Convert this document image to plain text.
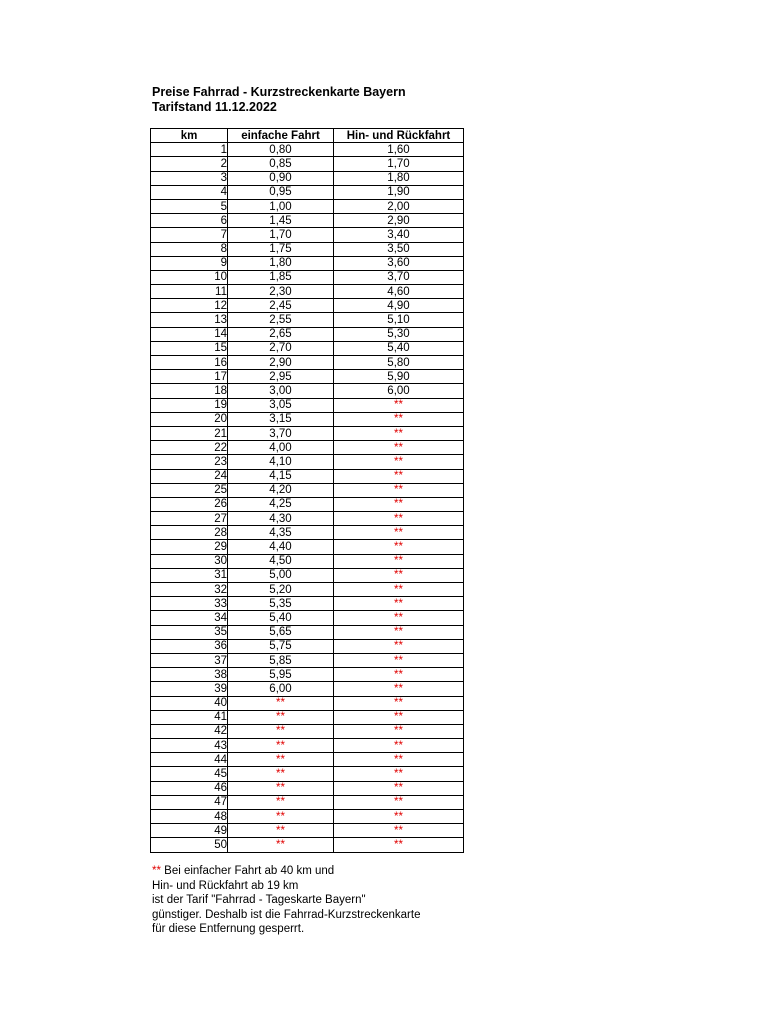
Preise Fahrrad - Kurzstreckenkarte Bayern
Tarifstand 11.12.2022
km	einfache Fahrt	Hin- und Rückfahrt
1	0,80	1,60
2	0,85	1,70
3	0,90	1,80
4	0,95	1,90
5	1,00	2,00
6	1,45	2,90
7	1,70	3,40
8	1,75	3,50
9	1,80	3,60
10	1,85	3,70
11	2,30	4,60
12	2,45	4,90
13	2,55	5,10
14	2,65	5,30
15	2,70	5,40
16	2,90	5,80
17	2,95	5,90
18	3,00	6,00
19	3,05	**
20	3,15	**
21	3,70	**
22	4,00	**
23	4,10	**
24	4,15	**
25	4,20	**
26	4,25	**
27	4,30	**
28	4,35	**
29	4,40	**
30	4,50	**
31	5,00	**
32	5,20	**
33	5,35	**
34	5,40	**
35	5,65	**
36	5,75	**
37	5,85	**
38	5,95	**
39	6,00	**
40	**	**
41	**	**
42	**	**
43	**	**
44	**	**
45	**	**
46	**	**
47	**	**
48	**	**
49	**	**
50	**	**
** Bei einfacher Fahrt ab 40 km und
Hin- und Rückfahrt ab 19 km
ist der Tarif "Fahrrad - Tageskarte Bayern"
günstiger. Deshalb ist die Fahrrad-Kurzstreckenkarte
für diese Entfernung gesperrt.
